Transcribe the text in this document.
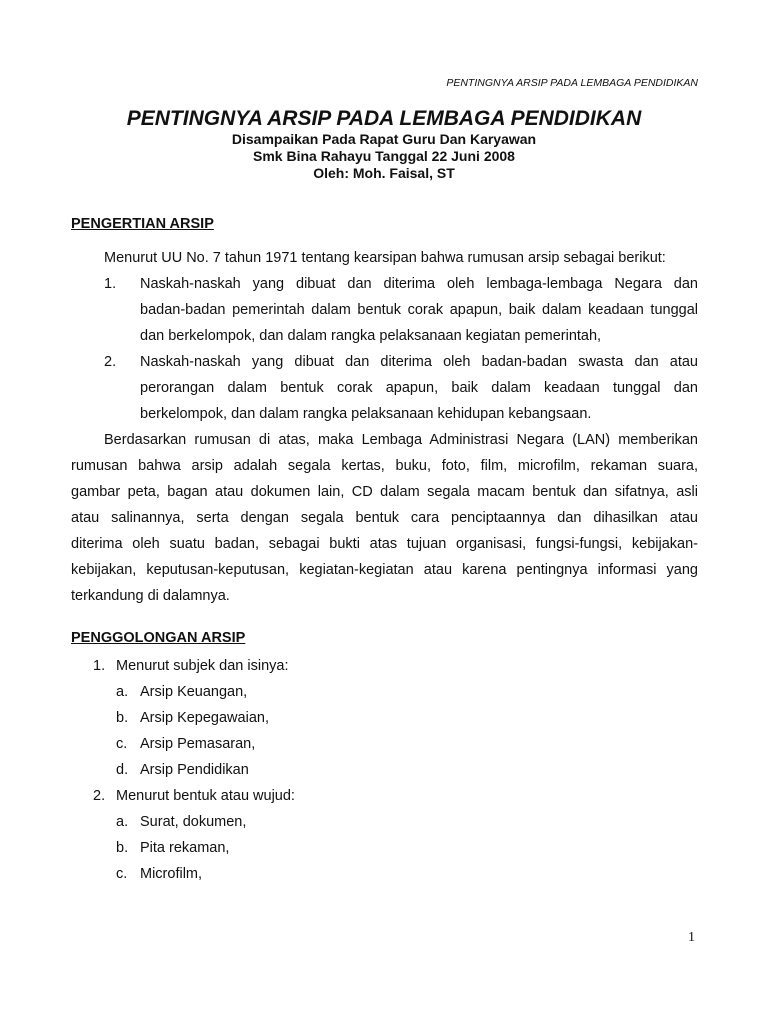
PENTINGNYA ARSIP PADA LEMBAGA PENDIDIKAN
PENTINGNYA ARSIP PADA LEMBAGA PENDIDIKAN
Disampaikan Pada Rapat Guru Dan Karyawan
Smk Bina Rahayu Tanggal 22 Juni 2008
Oleh: Moh. Faisal, ST
PENGERTIAN ARSIP
Menurut UU No. 7 tahun 1971 tentang kearsipan bahwa rumusan arsip sebagai berikut:
1. Naskah-naskah yang dibuat dan diterima oleh lembaga-lembaga Negara dan
badan-badan pemerintah dalam bentuk corak apapun, baik dalam keadaan tunggal
dan berkelompok, dan dalam rangka pelaksanaan kegiatan pemerintah,
2. Naskah-naskah yang dibuat dan diterima oleh badan-badan swasta dan atau
perorangan dalam bentuk corak apapun, baik dalam keadaan tunggal dan
berkelompok, dan dalam rangka pelaksanaan kehidupan kebangsaan.
Berdasarkan rumusan di atas, maka Lembaga Administrasi Negara (LAN) memberikan
rumusan bahwa arsip adalah segala kertas, buku, foto, film, microfilm, rekaman suara,
gambar peta, bagan atau dokumen lain, CD dalam segala macam bentuk dan sifatnya, asli
atau salinannya, serta dengan segala bentuk cara penciptaannya dan dihasilkan atau
diterima oleh suatu badan, sebagai bukti atas tujuan organisasi, fungsi-fungsi, kebijakan-
kebijakan, keputusan-keputusan, kegiatan-kegiatan atau karena pentingnya informasi yang
terkandung di dalamnya.
PENGGOLONGAN ARSIP
1. Menurut subjek dan isinya:
a. Arsip Keuangan,
b. Arsip Kepegawaian,
c. Arsip Pemasaran,
d. Arsip Pendidikan
2. Menurut bentuk atau wujud:
a. Surat, dokumen,
b. Pita rekaman,
c. Microfilm,
1
